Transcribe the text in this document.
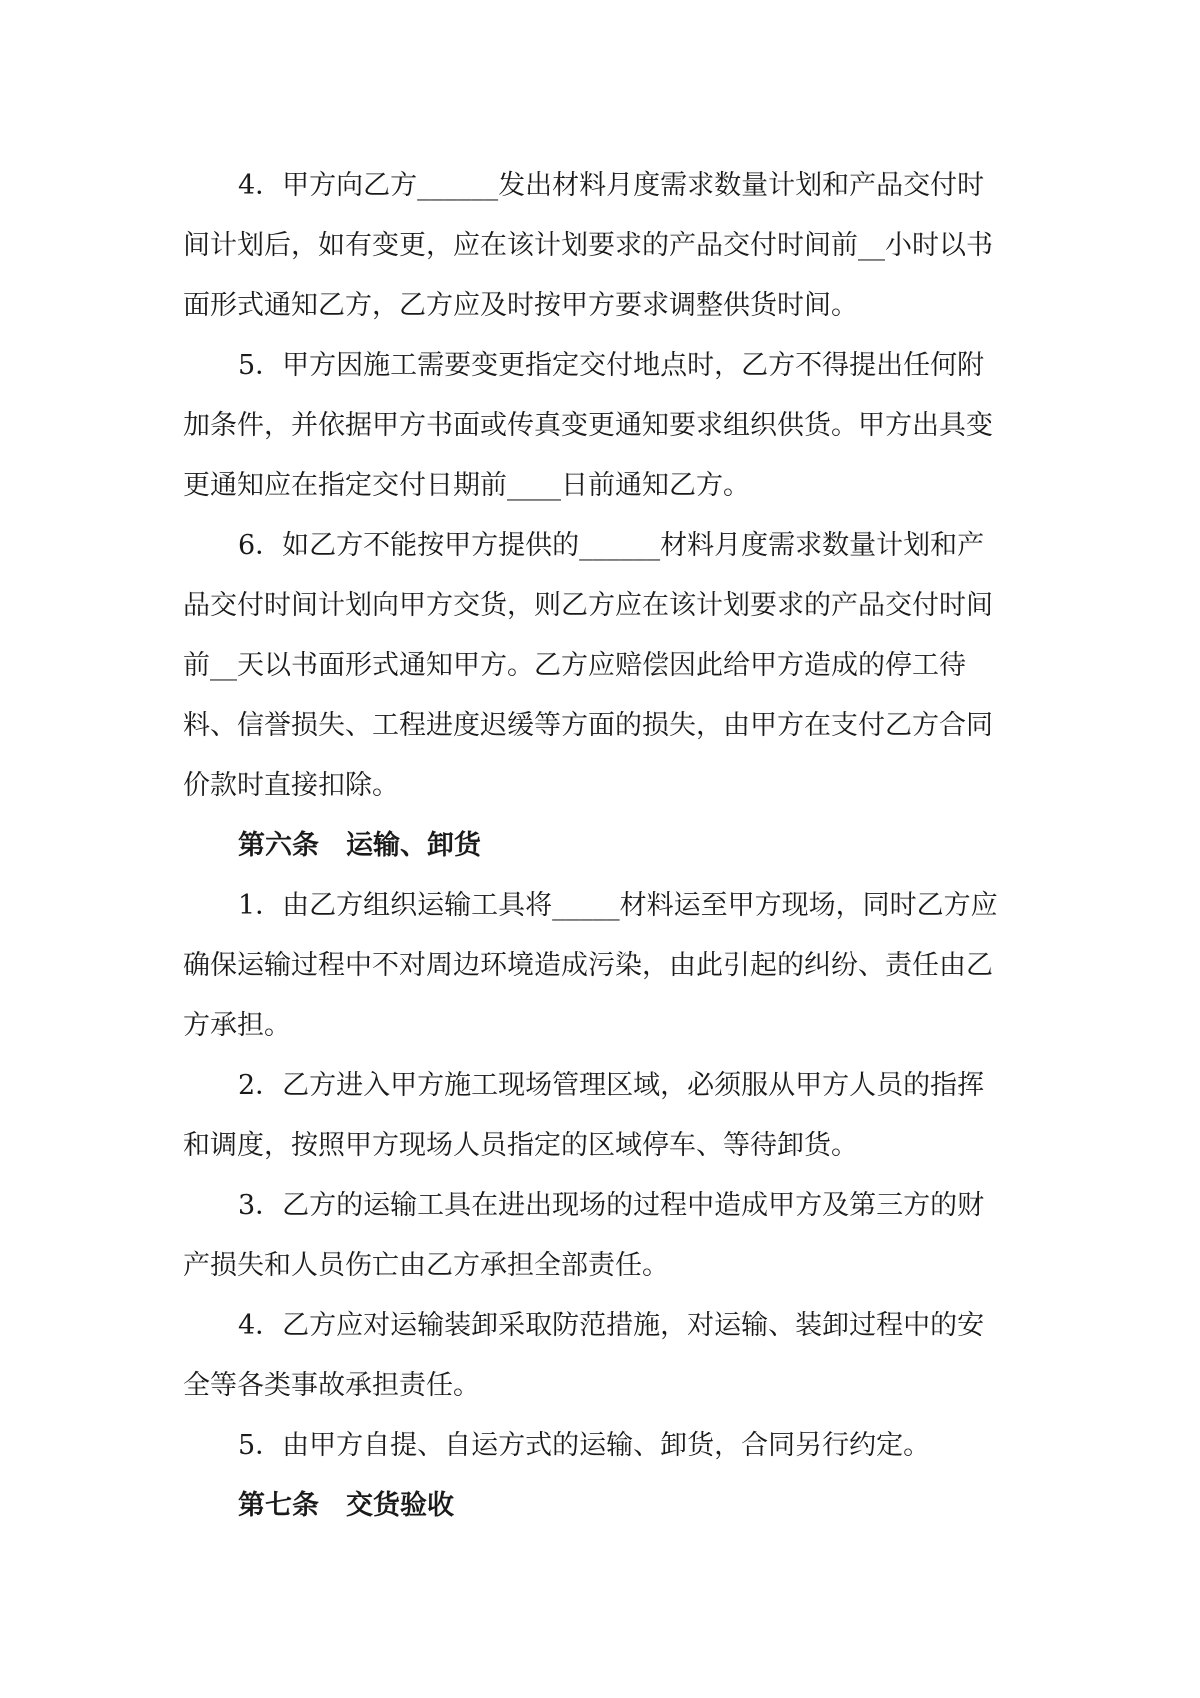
4．甲方向乙方______发出材料月度需求数量计划和产品交付时

间计划后，如有变更，应在该计划要求的产品交付时间前__小时以书

面形式通知乙方，乙方应及时按甲方要求调整供货时间。

5．甲方因施工需要变更指定交付地点时，乙方不得提出任何附

加条件，并依据甲方书面或传真变更通知要求组织供货。甲方出具变

更通知应在指定交付日期前____日前通知乙方。

6．如乙方不能按甲方提供的______材料月度需求数量计划和产

品交付时间计划向甲方交货，则乙方应在该计划要求的产品交付时间

前__天以书面形式通知甲方。乙方应赔偿因此给甲方造成的停工待

料、信誉损失、工程进度迟缓等方面的损失，由甲方在支付乙方合同

价款时直接扣除。

第六条　运输、卸货

1．由乙方组织运输工具将_____材料运至甲方现场，同时乙方应

确保运输过程中不对周边环境造成污染，由此引起的纠纷、责任由乙

方承担。

2．乙方进入甲方施工现场管理区域，必须服从甲方人员的指挥

和调度，按照甲方现场人员指定的区域停车、等待卸货。

3．乙方的运输工具在进出现场的过程中造成甲方及第三方的财

产损失和人员伤亡由乙方承担全部责任。

4．乙方应对运输装卸采取防范措施，对运输、装卸过程中的安

全等各类事故承担责任。

5．由甲方自提、自运方式的运输、卸货，合同另行约定。

第七条　交货验收
